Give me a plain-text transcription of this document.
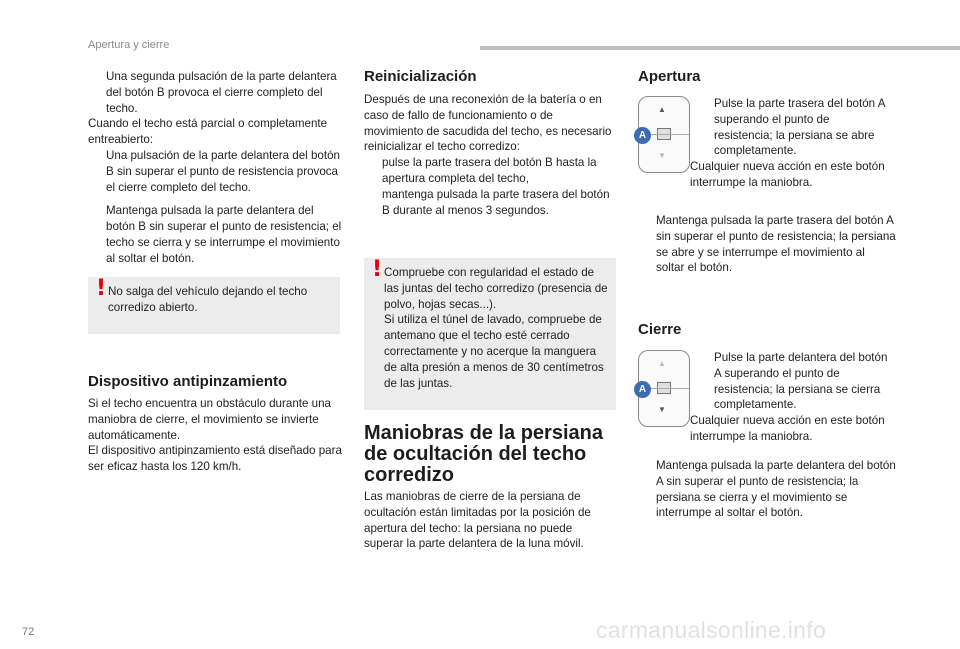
Apertura y cierre
Una segunda pulsación de la parte delantera del botón B provoca el cierre completo del techo.
Cuando el techo está parcial o completamente entreabierto:
Una pulsación de la parte delantera del botón B sin superar el punto de resistencia provoca el cierre completo del techo.
Mantenga pulsada la parte delantera del botón B sin superar el punto de resistencia; el techo se cierra y se interrumpe el movimiento al soltar el botón.
! No salga del vehículo dejando el techo corredizo abierto.
Dispositivo antipinzamiento
Si el techo encuentra un obstáculo durante una maniobra de cierre, el movimiento se invierte automáticamente.
El dispositivo antipinzamiento está diseñado para ser eficaz hasta los 120 km/h.
Reinicialización
Después de una reconexión de la batería o en caso de fallo de funcionamiento o de movimiento de sacudida del techo, es necesario reinicializar el techo corredizo:
pulse la parte trasera del botón B hasta la apertura completa del techo,
mantenga pulsada la parte trasera del botón B durante al menos 3 segundos.
! Compruebe con regularidad el estado de las juntas del techo corredizo (presencia de polvo, hojas secas...).
Si utiliza el túnel de lavado, compruebe de antemano que el techo esté cerrado correctamente y no acerque la manguera de alta presión a menos de 30 centímetros de las juntas.
Maniobras de la persiana de ocultación del techo corredizo
Las maniobras de cierre de la persiana de ocultación están limitadas por la posición de apertura del techo: la persiana no puede superar la parte delantera de la luna móvil.
Apertura
▲
▼
A
Pulse la parte trasera del botón A superando el punto de resistencia; la persiana se abre completamente.
Cualquier nueva acción en este botón interrumpe la maniobra.
Mantenga pulsada la parte trasera del botón A sin superar el punto de resistencia; la persiana se abre y se interrumpe el movimiento al soltar el botón.
Cierre
▲
▼
A
Pulse la parte delantera del botón A superando el punto de resistencia; la persiana se cierra completamente.
Cualquier nueva acción en este botón interrumpe la maniobra.
Mantenga pulsada la parte delantera del botón A sin superar el punto de resistencia; la persiana se cierra y el movimiento se interrumpe al soltar el botón.
72	carmanualsonline.info
